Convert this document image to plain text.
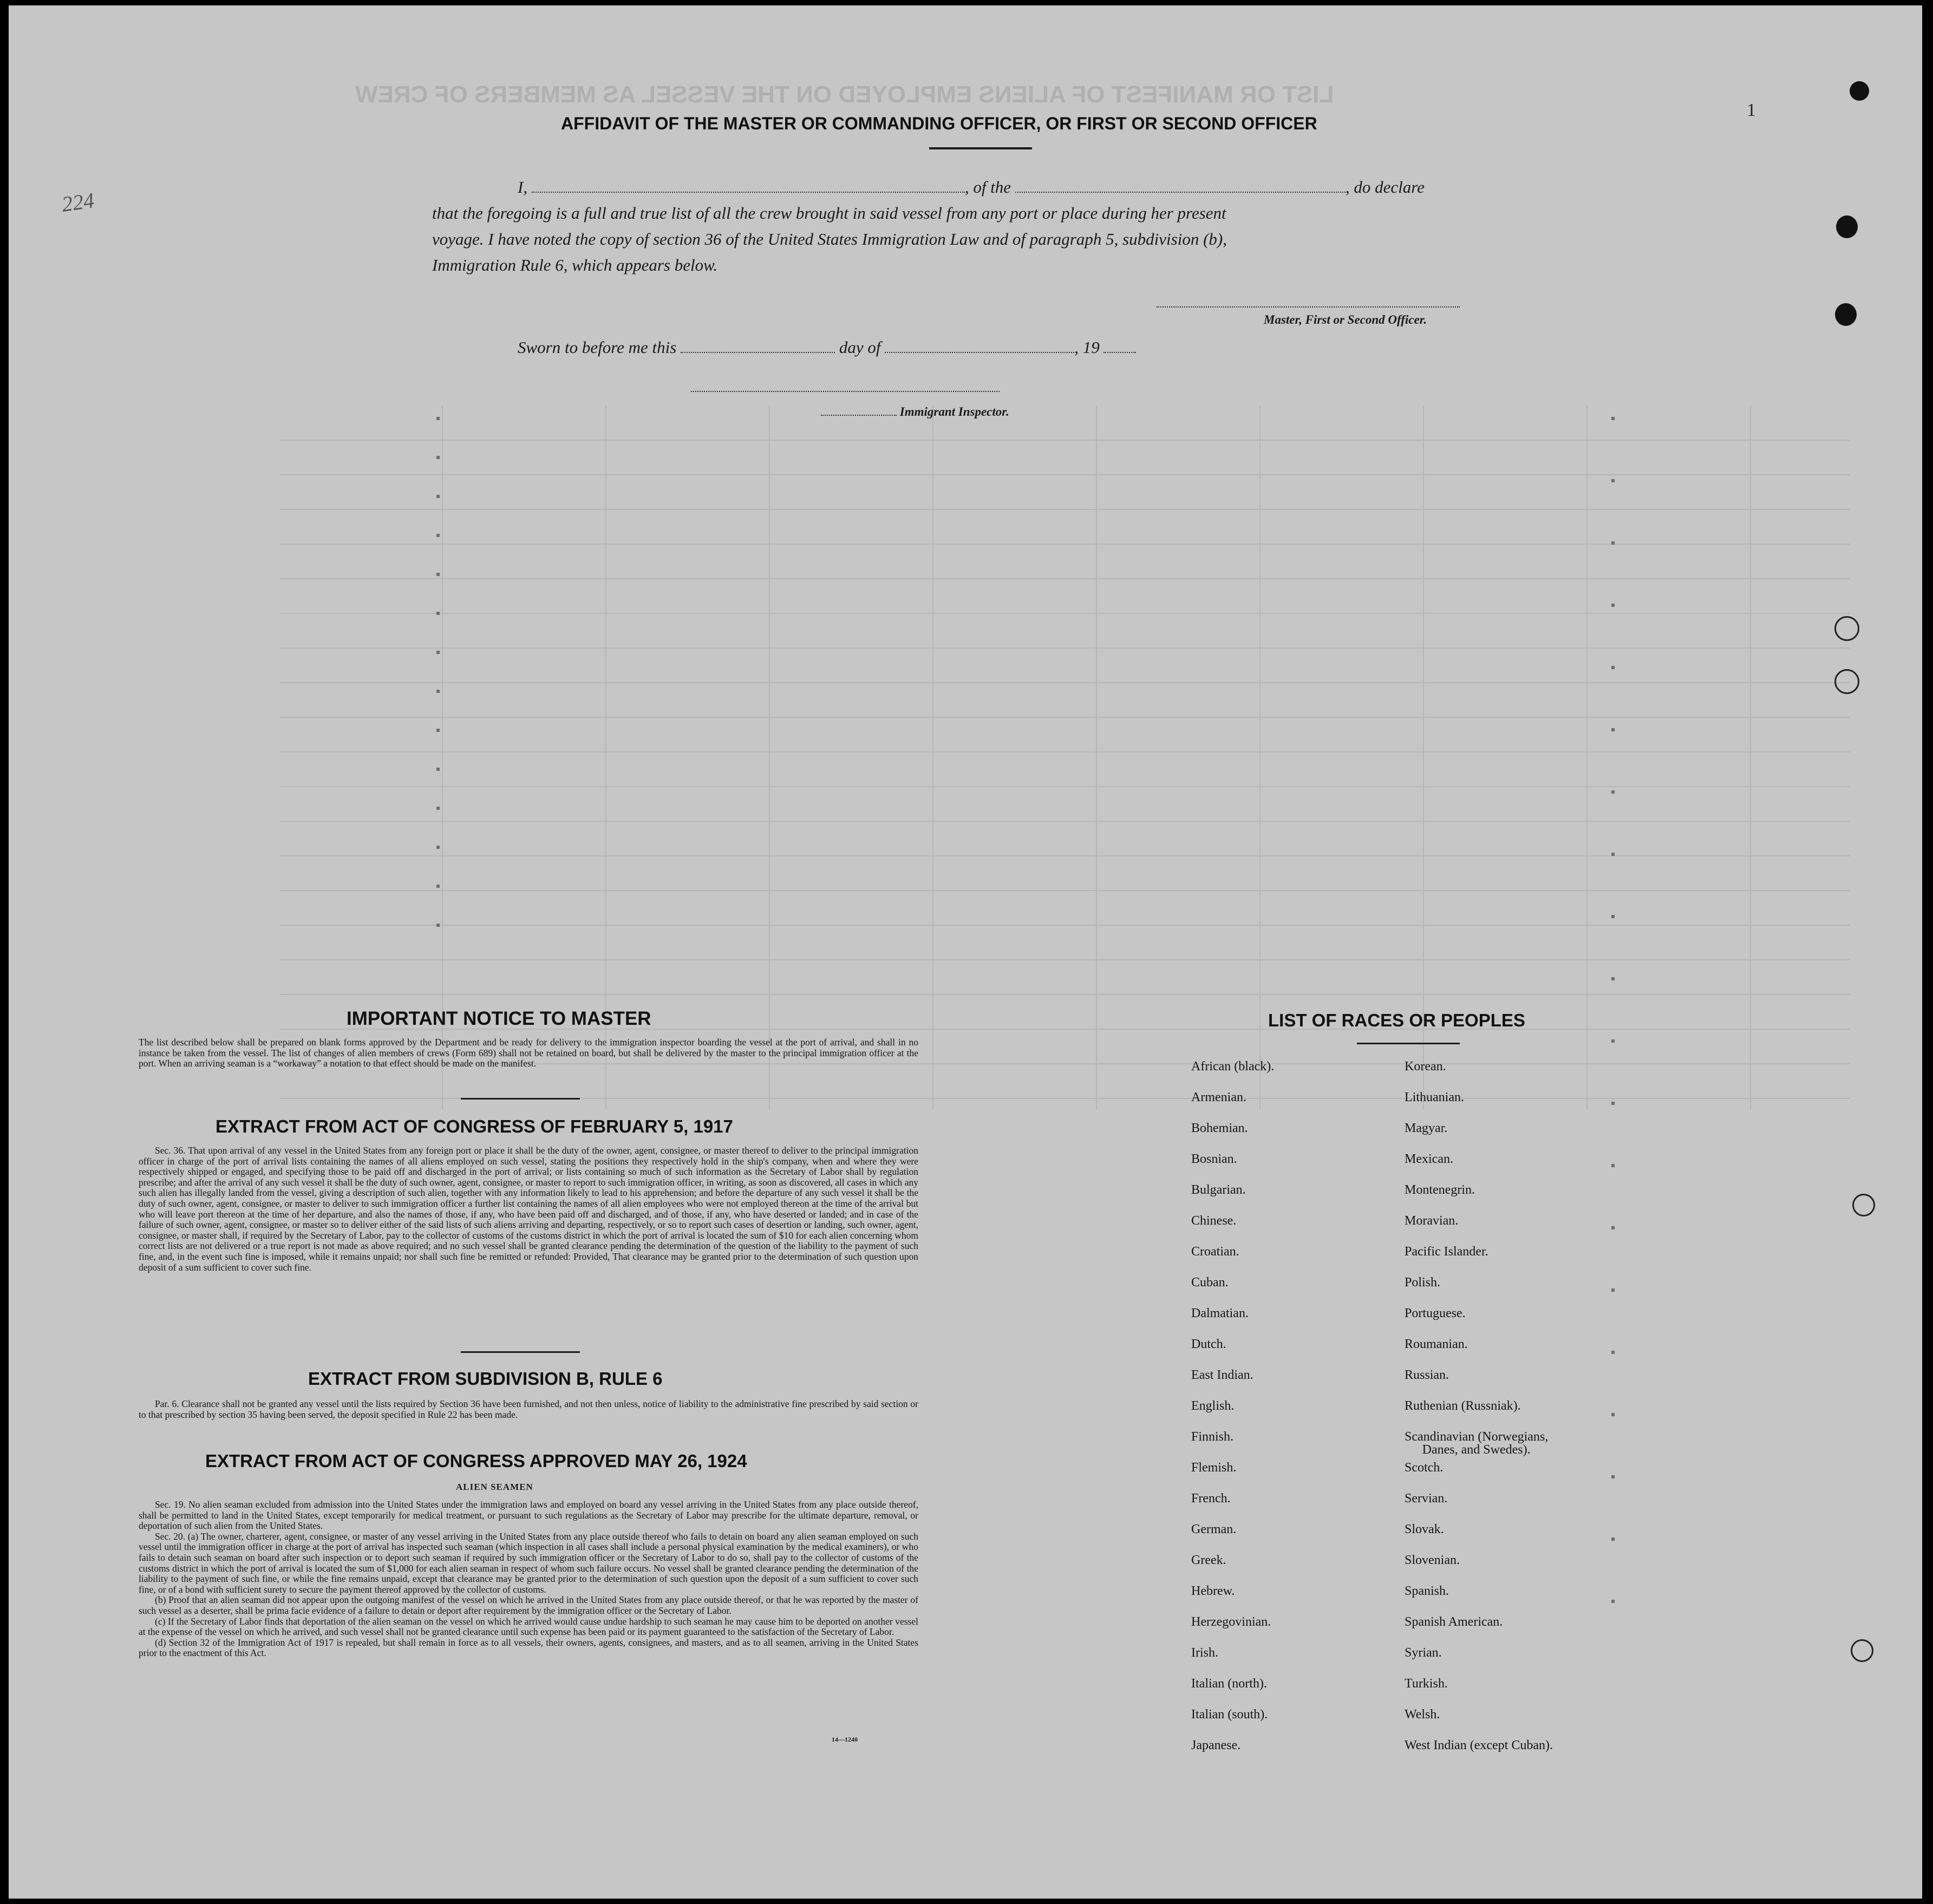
LIST OR MANIFEST OF ALIENS EMPLOYED ON THE VESSEL AS MEMBERS OF CREW
224
1
AFFIDAVIT OF THE MASTER OR COMMANDING OFFICER, OR FIRST OR SECOND OFFICER
I,	, of the	, do declare
that the foregoing is a full and true list of all the crew brought in said vessel from any port or place during her present
voyage. I have noted the copy of section 36 of the United States Immigration Law and of paragraph 5, subdivision (b),
Immigration Rule 6, which appears below.
Master, First or Second Officer.
Sworn to before me this	day of	, 19
Immigrant Inspector.
IMPORTANT NOTICE TO MASTER
The list described below shall be prepared on blank forms approved by the Department and be ready for delivery to the immigration inspector boarding the vessel at the port of arrival, and shall in no instance be taken from the vessel. The list of changes of alien members of crews (Form 689) shall not be retained on board, but shall be delivered by the master to the principal immigration officer at the port. When an arriving seaman is a “workaway” a notation to that effect should be made on the manifest.
EXTRACT FROM ACT OF CONGRESS OF FEBRUARY 5, 1917

Sec. 36. That upon arrival of any vessel in the United States from any foreign port or place it shall be the duty of the owner, agent, consignee, or master thereof to deliver to the principal immigration officer in charge of the port of arrival lists containing the names of all aliens employed on such vessel, stating the positions they respectively hold in the ship's company, when and where they were respectively shipped or engaged, and specifying those to be paid off and discharged in the port of arrival; or lists containing so much of such information as the Secretary of Labor shall by regulation prescribe; and after the arrival of any such vessel it shall be the duty of such owner, agent, consignee, or master to report to such immigration officer, in writing, as soon as discovered, all cases in which any such alien has illegally landed from the vessel, giving a description of such alien, together with any information likely to lead to his apprehension; and before the departure of any such vessel it shall be the duty of such owner, agent, consignee, or master to deliver to such immigration officer a further list containing the names of all alien employees who were not employed thereon at the time of the arrival but who will leave port thereon at the time of her departure, and also the names of those, if any, who have been paid off and discharged, and of those, if any, who have deserted or landed; and in case of the failure of such owner, agent, consignee, or master so to deliver either of the said lists of such aliens arriving and departing, respectively, or so to report such cases of desertion or landing, such owner, agent, consignee, or master shall, if required by the Secretary of Labor, pay to the collector of customs of the customs district in which the port of arrival is located the sum of $10 for each alien concerning whom correct lists are not delivered or a true report is not made as above required; and no such vessel shall be granted clearance pending the determination of the question of the liability to the payment of such fine, and, in the event such fine is imposed, while it remains unpaid; nor shall such fine be remitted or refunded: Provided, That clearance may be granted prior to the determination of such question upon deposit of a sum sufficient to cover such fine.

EXTRACT FROM SUBDIVISION B, RULE 6

Par. 6. Clearance shall not be granted any vessel until the lists required by Section 36 have been furnished, and not then unless, notice of liability to the administrative fine prescribed by said section or to that prescribed by section 35 having been served, the deposit specified in Rule 22 has been made.

EXTRACT FROM ACT OF CONGRESS APPROVED MAY 26, 1924
ALIEN SEAMEN

Sec. 19. No alien seaman excluded from admission into the United States under the immigration laws and employed on board any vessel arriving in the United States from any place outside thereof, shall be permitted to land in the United States, except temporarily for medical treatment, or pursuant to such regulations as the Secretary of Labor may prescribe for the ultimate departure, removal, or deportation of such alien from the United States.

Sec. 20. (a) The owner, charterer, agent, consignee, or master of any vessel arriving in the United States from any place outside thereof who fails to detain on board any alien seaman employed on such vessel until the immigration officer in charge at the port of arrival has inspected such seaman (which inspection in all cases shall include a personal physical examination by the medical examiners), or who fails to detain such seaman on board after such inspection or to deport such seaman if required by such immigration officer or the Secretary of Labor to do so, shall pay to the collector of customs of the customs district in which the port of arrival is located the sum of $1,000 for each alien seaman in respect of whom such failure occurs. No vessel shall be granted clearance pending the determination of the liability to the payment of such fine, or while the fine remains unpaid, except that clearance may be granted prior to the determination of such question upon the deposit of a sum sufficient to cover such fine, or of a bond with sufficient surety to secure the payment thereof approved by the collector of customs.

(b) Proof that an alien seaman did not appear upon the outgoing manifest of the vessel on which he arrived in the United States from any place outside thereof, or that he was reported by the master of such vessel as a deserter, shall be prima facie evidence of a failure to detain or deport after requirement by the immigration officer or the Secretary of Labor.

(c) If the Secretary of Labor finds that deportation of the alien seaman on the vessel on which he arrived would cause undue hardship to such seaman he may cause him to be deported on another vessel at the expense of the vessel on which he arrived, and such vessel shall not be granted clearance until such expense has been paid or its payment guaranteed to the satisfaction of the Secretary of Labor.

(d) Section 32 of the Immigration Act of 1917 is repealed, but shall remain in force as to all vessels, their owners, agents, consignees, and masters, and as to all seamen, arriving in the United States prior to the enactment of this Act.

14—1240
LIST OF RACES OR PEOPLES
African (black).
Armenian.
Bohemian.
Bosnian.
Bulgarian.
Chinese.
Croatian.
Cuban.
Dalmatian.
Dutch.
East Indian.
English.
Finnish.
Flemish.
French.
German.
Greek.
Hebrew.
Herzegovinian.
Irish.
Italian (north).
Italian (south).
Japanese.
Korean.
Lithuanian.
Magyar.
Mexican.
Montenegrin.
Moravian.
Pacific Islander.
Polish.
Portuguese.
Roumanian.
Russian.
Ruthenian (Russniak).
Scandinavian (Norwegians,
Danes, and Swedes).
Scotch.
Servian.
Slovak.
Slovenian.
Spanish.
Spanish American.
Syrian.
Turkish.
Welsh.
West Indian (except Cuban).
